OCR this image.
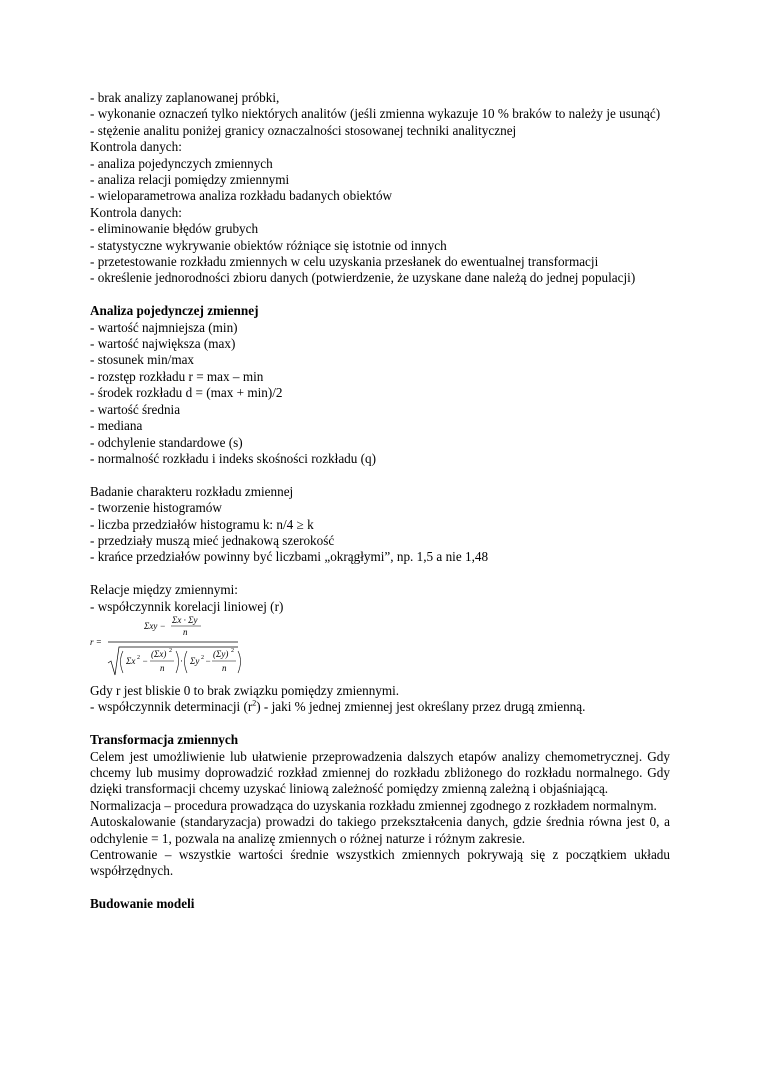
- brak analizy zaplanowanej próbki,
- wykonanie oznaczeń tylko niektórych analitów (jeśli zmienna wykazuje 10 % braków to należy je usunąć)
- stężenie analitu poniżej granicy oznaczalności stosowanej techniki analitycznej
Kontrola danych:
- analiza pojedynczych zmiennych
- analiza relacji pomiędzy zmiennymi
- wieloparametrowa analiza rozkładu badanych obiektów
Kontrola danych:
- eliminowanie błędów grubych
- statystyczne wykrywanie obiektów różniące się istotnie od innych
- przetestowanie rozkładu zmiennych w celu uzyskania przesłanek do ewentualnej transformacji
- określenie jednorodności zbioru danych (potwierdzenie, że uzyskane dane należą do jednej populacji)
Analiza pojedynczej zmiennej
- wartość najmniejsza (min)
- wartość największa (max)
- stosunek min/max
- rozstęp rozkładu r = max – min
- środek rozkładu d = (max + min)/2
- wartość średnia
- mediana
- odchylenie standardowe (s)
- normalność rozkładu i indeks skośności rozkładu (q)
Badanie charakteru rozkładu zmiennej
- tworzenie histogramów
- liczba przedziałów histogramu k: n/4 ≥ k
- przedziały muszą mieć jednakową szerokość
- krańce przedziałów powinny być liczbami „okrągłymi”, np. 1,5 a nie 1,48
Relacje między zmiennymi:
- współczynnik korelacji liniowej (r)
r =
Σxy −
Σx · Σy
n
Σx 2 −
(Σx) 2
n
· Σy 2 −
(Σy) 2
n
Gdy r jest bliskie 0 to brak związku pomiędzy zmiennymi.
- współczynnik determinacji $(r^2)$ - jaki % jednej zmiennej jest określany przez drugą zmienną.
Transformacja zmiennych
Celem jest umożliwienie lub ułatwienie przeprowadzenia dalszych etapów analizy chemometrycznej. Gdy chcemy lub musimy doprowadzić rozkład zmiennej do rozkładu zbliżonego do rozkładu normalnego. Gdy dzięki transformacji chcemy uzyskać liniową zależność pomiędzy zmienną zależną i objaśniającą.
Normalizacja – procedura prowadząca do uzyskania rozkładu zmiennej zgodnego z rozkładem normalnym.
Autoskalowanie (standaryzacja) prowadzi do takiego przekształcenia danych, gdzie średnia równa jest 0, a odchylenie = 1, pozwala na analizę zmiennych o różnej naturze i różnym zakresie.
Centrowanie – wszystkie wartości średnie wszystkich zmiennych pokrywają się z początkiem układu współrzędnych.
Budowanie modeli
